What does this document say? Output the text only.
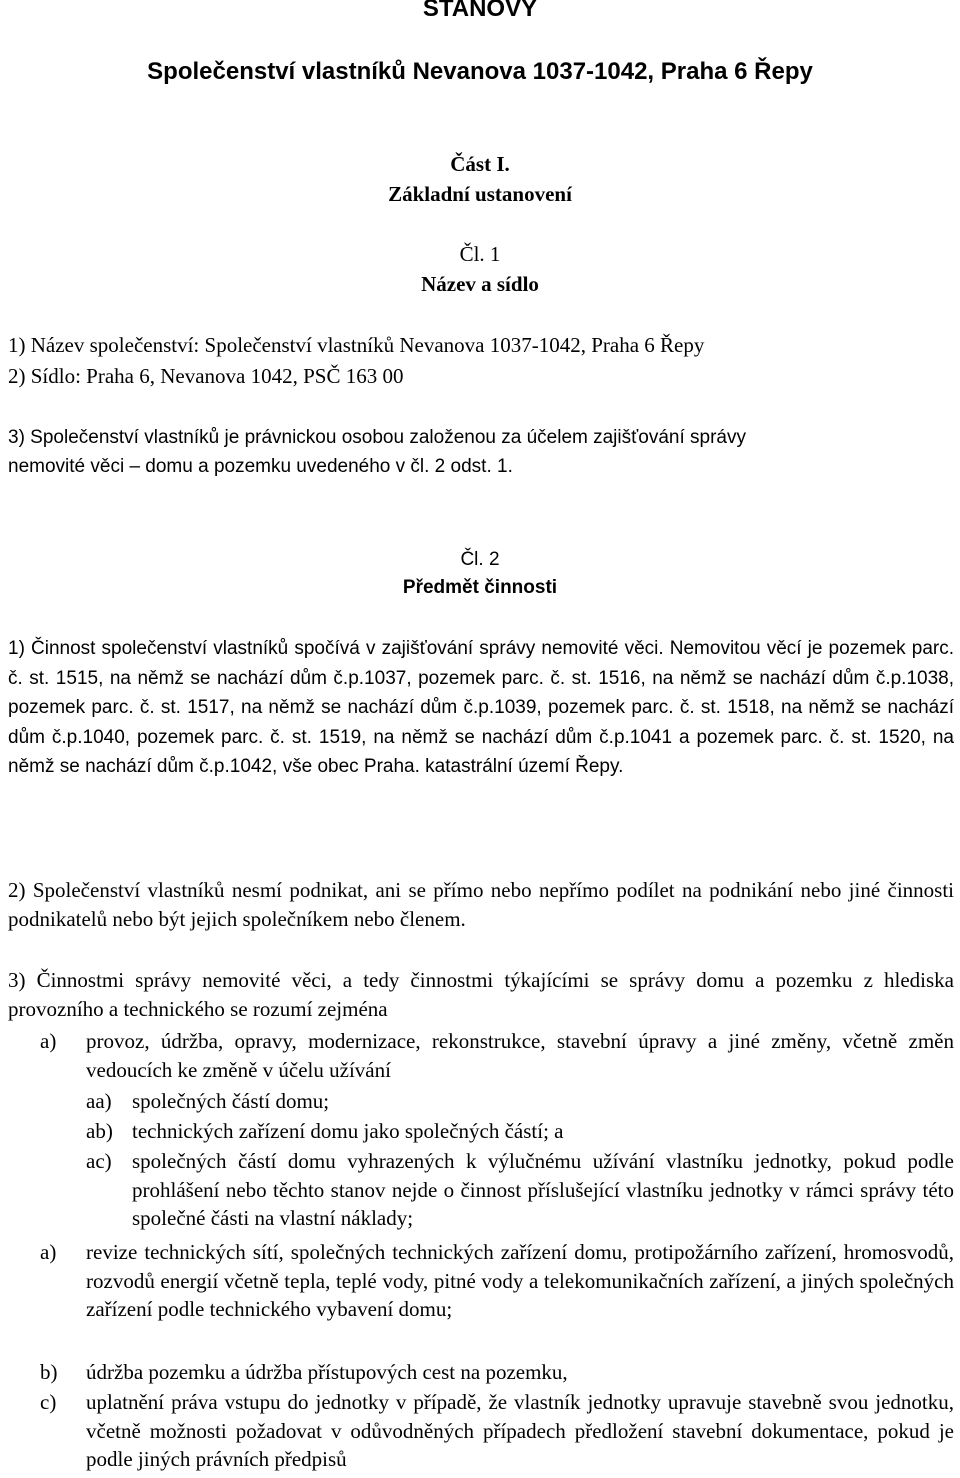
STANOVY
Společenství vlastníků Nevanova 1037-1042, Praha 6 Řepy
Část I.
Základní ustanovení
Čl. 1
Název a sídlo
1) Název společenství: Společenství vlastníků Nevanova 1037-1042, Praha 6 Řepy
2) Sídlo: Praha 6, Nevanova 1042, PSČ 163 00
3) Společenství vlastníků je právnickou osobou založenou za účelem zajišťování správy
nemovité věci – domu a pozemku uvedeného v čl. 2 odst. 1.
Čl. 2
Předmět činnosti
1) Činnost společenství vlastníků spočívá v zajišťování správy nemovité věci. Nemovitou věcí je pozemek parc. č. st. 1515, na němž se nachází dům č.p.1037, pozemek parc. č. st. 1516, na němž se nachází dům č.p.1038, pozemek parc. č. st. 1517, na němž se nachází dům č.p.1039, pozemek parc. č. st. 1518, na němž se nachází dům č.p.1040, pozemek parc. č. st. 1519, na němž se nachází dům č.p.1041 a pozemek parc. č. st. 1520, na němž se nachází dům č.p.1042, vše obec Praha. katastrální území Řepy.
2) Společenství vlastníků nesmí podnikat, ani se přímo nebo nepřímo podílet na podnikání nebo jiné činnosti podnikatelů nebo být jejich společníkem nebo členem.
3) Činnostmi správy nemovité věci, a tedy činnostmi týkajícími se správy domu a pozemku z hlediska provozního a technického se rozumí zejména
a) provoz, údržba, opravy, modernizace, rekonstrukce, stavební úpravy a jiné změny, včetně změn vedoucích ke změně v účelu užívání
aa) společných částí domu;
ab) technických zařízení domu jako společných částí; a
ac) společných částí domu vyhrazených k výlučnému užívání vlastníku jednotky, pokud podle prohlášení nebo těchto stanov nejde o činnost příslušející vlastníku jednotky v rámci správy této společné části na vlastní náklady;
a) revize technických sítí, společných technických zařízení domu, protipožárního zařízení, hromosvodů, rozvodů energií včetně tepla, teplé vody, pitné vody a telekomunikačních zařízení, a jiných společných zařízení podle technického vybavení domu;
b) údržba pozemku a údržba přístupových cest na pozemku,
c) uplatnění práva vstupu do jednotky v případě, že vlastník jednotky upravuje stavebně svou jednotku, včetně možnosti požadovat v odůvodněných případech předložení stavební dokumentace, pokud je podle jiných právních předpisů
